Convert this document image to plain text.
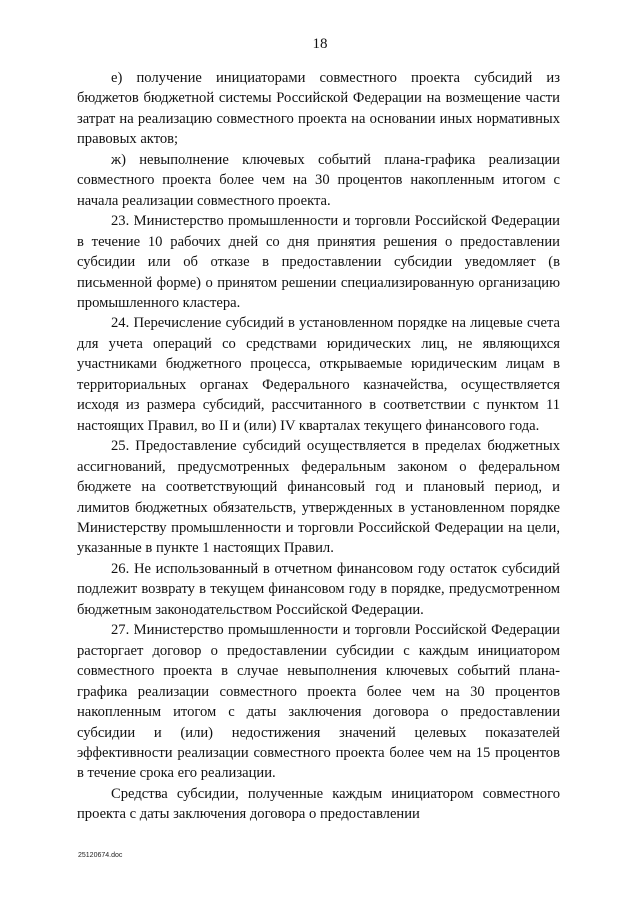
18

е) получение инициаторами совместного проекта субсидий из бюджетов бюджетной системы Российской Федерации на возмещение части затрат на реализацию совместного проекта на основании иных нормативных правовых актов;

ж) невыполнение ключевых событий плана-графика реализации совместного проекта более чем на 30 процентов накопленным итогом с начала реализации совместного проекта.

23. Министерство промышленности и торговли Российской Федерации в течение 10 рабочих дней со дня принятия решения о предоставлении субсидии или об отказе в предоставлении субсидии уведомляет (в письменной форме) о принятом решении специализированную организацию промышленного кластера.

24. Перечисление субсидий в установленном порядке на лицевые счета для учета операций со средствами юридических лиц, не являющихся участниками бюджетного процесса, открываемые юридическим лицам в территориальных органах Федерального казначейства, осуществляется исходя из размера субсидий, рассчитанного в соответствии с пунктом 11 настоящих Правил, во II и (или) IV кварталах текущего финансового года.

25. Предоставление субсидий осуществляется в пределах бюджетных ассигнований, предусмотренных федеральным законом о федеральном бюджете на соответствующий финансовый год и плановый период, и лимитов бюджетных обязательств, утвержденных в установленном порядке Министерству промышленности и торговли Российской Федерации на цели, указанные в пункте 1 настоящих Правил.

26. Не использованный в отчетном финансовом году остаток субсидий подлежит возврату в текущем финансовом году в порядке, предусмотренном бюджетным законодательством Российской Федерации.

27. Министерство промышленности и торговли Российской Федерации расторгает договор о предоставлении субсидии с каждым инициатором совместного проекта в случае невыполнения ключевых событий плана-графика реализации совместного проекта более чем на 30 процентов накопленным итогом с даты заключения договора о предоставлении субсидии и (или) недостижения значений целевых показателей эффективности реализации совместного проекта более чем на 15 процентов в течение срока его реализации.

Средства субсидии, полученные каждым инициатором совместного проекта с даты заключения договора о предоставлении

25120674.doc
